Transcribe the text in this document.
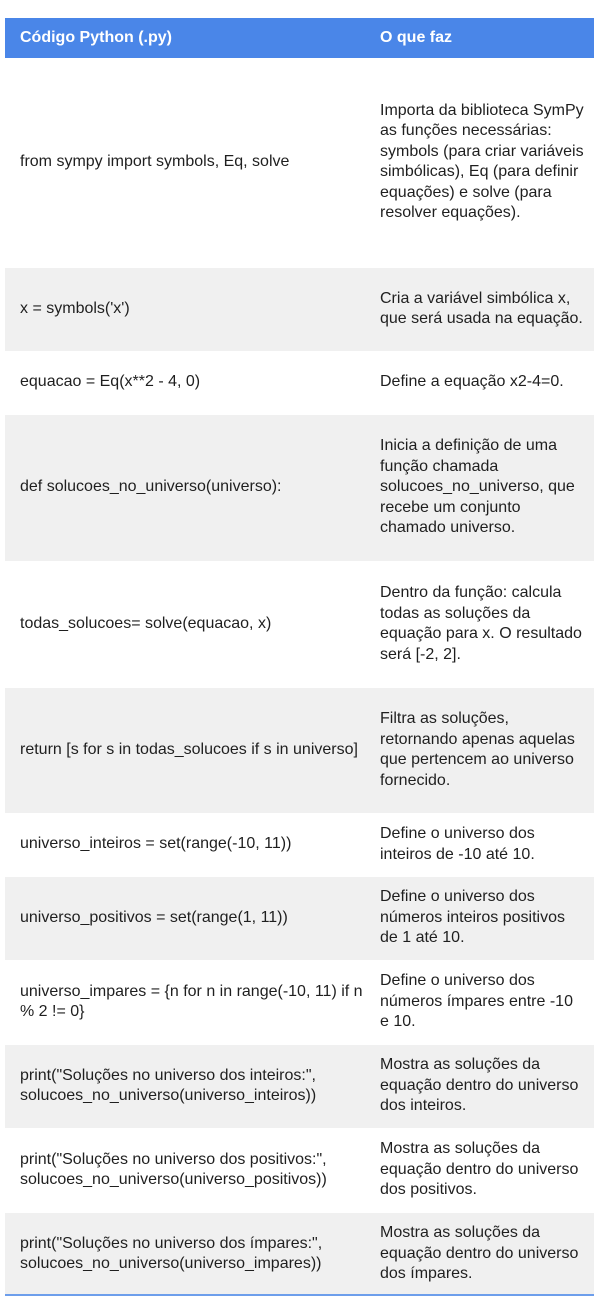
Código Python (.py)	O que faz
from sympy import symbols, Eq, solve	Importa da biblioteca SymPy as funções necessárias: symbols (para criar variáveis simbólicas), Eq (para definir equações) e solve (para resolver equações).
x = symbols('x')	Cria a variável simbólica x, que será usada na equação.
equacao = Eq(x**2 - 4, 0)	Define a equação x2-4=0.
def solucoes_no_universo(universo):	Inicia a definição de uma função chamada solucoes_no_universo, que recebe um conjunto chamado universo.
todas_solucoes= solve(equacao, x)	Dentro da função: calcula todas as soluções da equação para x. O resultado será [-2, 2].
return [s for s in todas_solucoes if s in universo]	Filtra as soluções, retornando apenas aquelas que pertencem ao universo fornecido.
universo_inteiros = set(range(-10, 11))	Define o universo dos inteiros de -10 até 10.
universo_positivos = set(range(1, 11))	Define o universo dos números inteiros positivos de 1 até 10.
universo_impares = {n for n in range(-10, 11) if n % 2 != 0}	Define o universo dos números ímpares entre -10 e 10.
print("Soluções no universo dos inteiros:", solucoes_no_universo(universo_inteiros))	Mostra as soluções da equação dentro do universo dos inteiros.
print("Soluções no universo dos positivos:", solucoes_no_universo(universo_positivos))	Mostra as soluções da equação dentro do universo dos positivos.
print("Soluções no universo dos ímpares:", solucoes_no_universo(universo_impares))	Mostra as soluções da equação dentro do universo dos ímpares.
